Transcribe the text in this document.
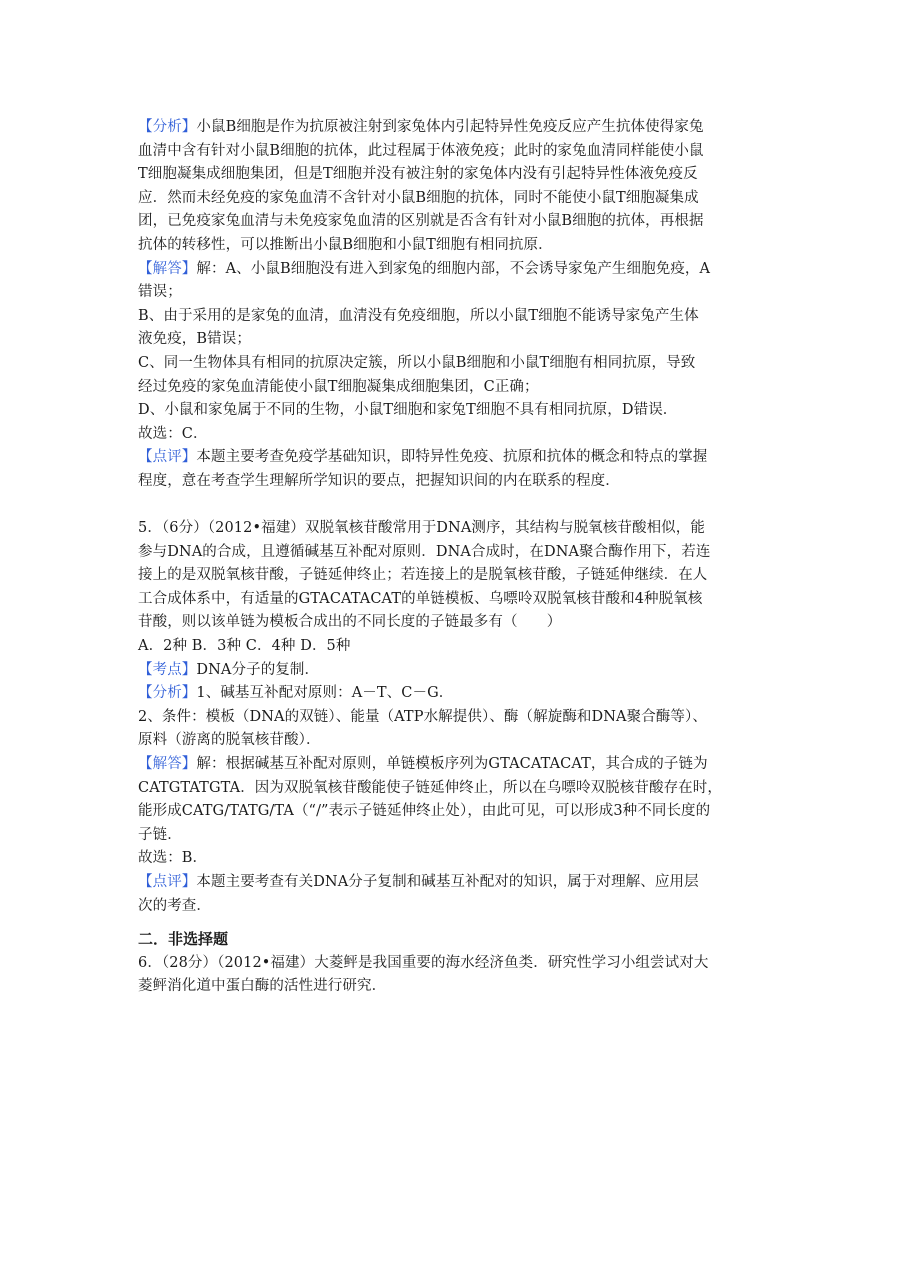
【分析】小鼠B细胞是作为抗原被注射到家兔体内引起特异性免疫反应产生抗体使得家兔
血清中含有针对小鼠B细胞的抗体，此过程属于体液免疫；此时的家兔血清同样能使小鼠
T细胞凝集成细胞集团，但是T细胞并没有被注射的家兔体内没有引起特异性体液免疫反
应．然而未经免疫的家兔血清不含针对小鼠B细胞的抗体，同时不能使小鼠T细胞凝集成
团，已免疫家兔血清与未免疫家兔血清的区别就是否含有针对小鼠B细胞的抗体，再根据
抗体的转移性，可以推断出小鼠B细胞和小鼠T细胞有相同抗原．
【解答】解：A、小鼠B细胞没有进入到家兔的细胞内部，不会诱导家兔产生细胞免疫，A
错误；
B、由于采用的是家兔的血清，血清没有免疫细胞，所以小鼠T细胞不能诱导家兔产生体
液免疫，B错误；
C、同一生物体具有相同的抗原决定簇，所以小鼠B细胞和小鼠T细胞有相同抗原，导致
经过免疫的家兔血清能使小鼠T细胞凝集成细胞集团，C正确；
D、小鼠和家兔属于不同的生物，小鼠T细胞和家兔T细胞不具有相同抗原，D错误．
故选：C．
【点评】本题主要考查免疫学基础知识，即特异性免疫、抗原和抗体的概念和特点的掌握
程度，意在考查学生理解所学知识的要点，把握知识间的内在联系的程度．
5．（6分）（2012•福建）双脱氧核苷酸常用于DNA测序，其结构与脱氧核苷酸相似，能
参与DNA的合成，且遵循碱基互补配对原则．DNA合成时，在DNA聚合酶作用下，若连
接上的是双脱氧核苷酸，子链延伸终止；若连接上的是脱氧核苷酸，子链延伸继续．在人
工合成体系中，有适量的GTACATACAT的单链模板、乌嘌呤双脱氧核苷酸和4种脱氧核
苷酸，则以该单链为模板合成出的不同长度的子链最多有（　　）
A．2种 B．3种 C．4种 D．5种
【考点】DNA分子的复制．
【分析】1、碱基互补配对原则：A－T、C－G．
2、条件：模板（DNA的双链）、能量（ATP水解提供）、酶（解旋酶和DNA聚合酶等）、
原料（游离的脱氧核苷酸）．
【解答】解：根据碱基互补配对原则，单链模板序列为GTACATACAT，其合成的子链为
CATGTATGTA．因为双脱氧核苷酸能使子链延伸终止，所以在乌嘌呤双脱核苷酸存在时，
能形成CATG/TATG/TA（“/”表示子链延伸终止处），由此可见，可以形成3种不同长度的
子链．
故选：B．
【点评】本题主要考查有关DNA分子复制和碱基互补配对的知识，属于对理解、应用层
次的考查．
二．非选择题
6．（28分）（2012•福建）大菱鲆是我国重要的海水经济鱼类．研究性学习小组尝试对大
菱鲆消化道中蛋白酶的活性进行研究．
